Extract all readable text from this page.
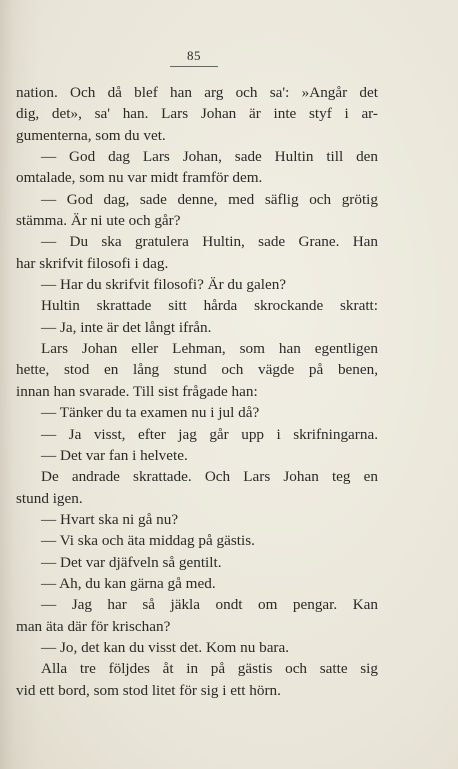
85
nation. Och då blef han arg och sa': »Angår det
dig, det», sa' han. Lars Johan är inte styf i ar-
gumenterna, som du vet.
— God dag Lars Johan, sade Hultin till den
omtalade, som nu var midt framför dem.
— God dag, sade denne, med säflig och grötig
stämma. Är ni ute och går?
— Du ska gratulera Hultin, sade Grane. Han
har skrifvit filosofi i dag.
— Har du skrifvit filosofi? Är du galen?
Hultin skrattade sitt hårda skrockande skratt:
— Ja, inte är det långt ifrån.
Lars Johan eller Lehman, som han egentligen
hette, stod en lång stund och vägde på benen,
innan han svarade. Till sist frågade han:
— Tänker du ta examen nu i jul då?
— Ja visst, efter jag går upp i skrifningarna.
— Det var fan i helvete.
De andrade skrattade. Och Lars Johan teg en
stund igen.
— Hvart ska ni gå nu?
— Vi ska och äta middag på gästis.
— Det var djäfveln så gentilt.
— Ah, du kan gärna gå med.
— Jag har så jäkla ondt om pengar. Kan
man äta där för krischan?
— Jo, det kan du visst det. Kom nu bara.
Alla tre följdes åt in på gästis och satte sig
vid ett bord, som stod litet för sig i ett hörn.
